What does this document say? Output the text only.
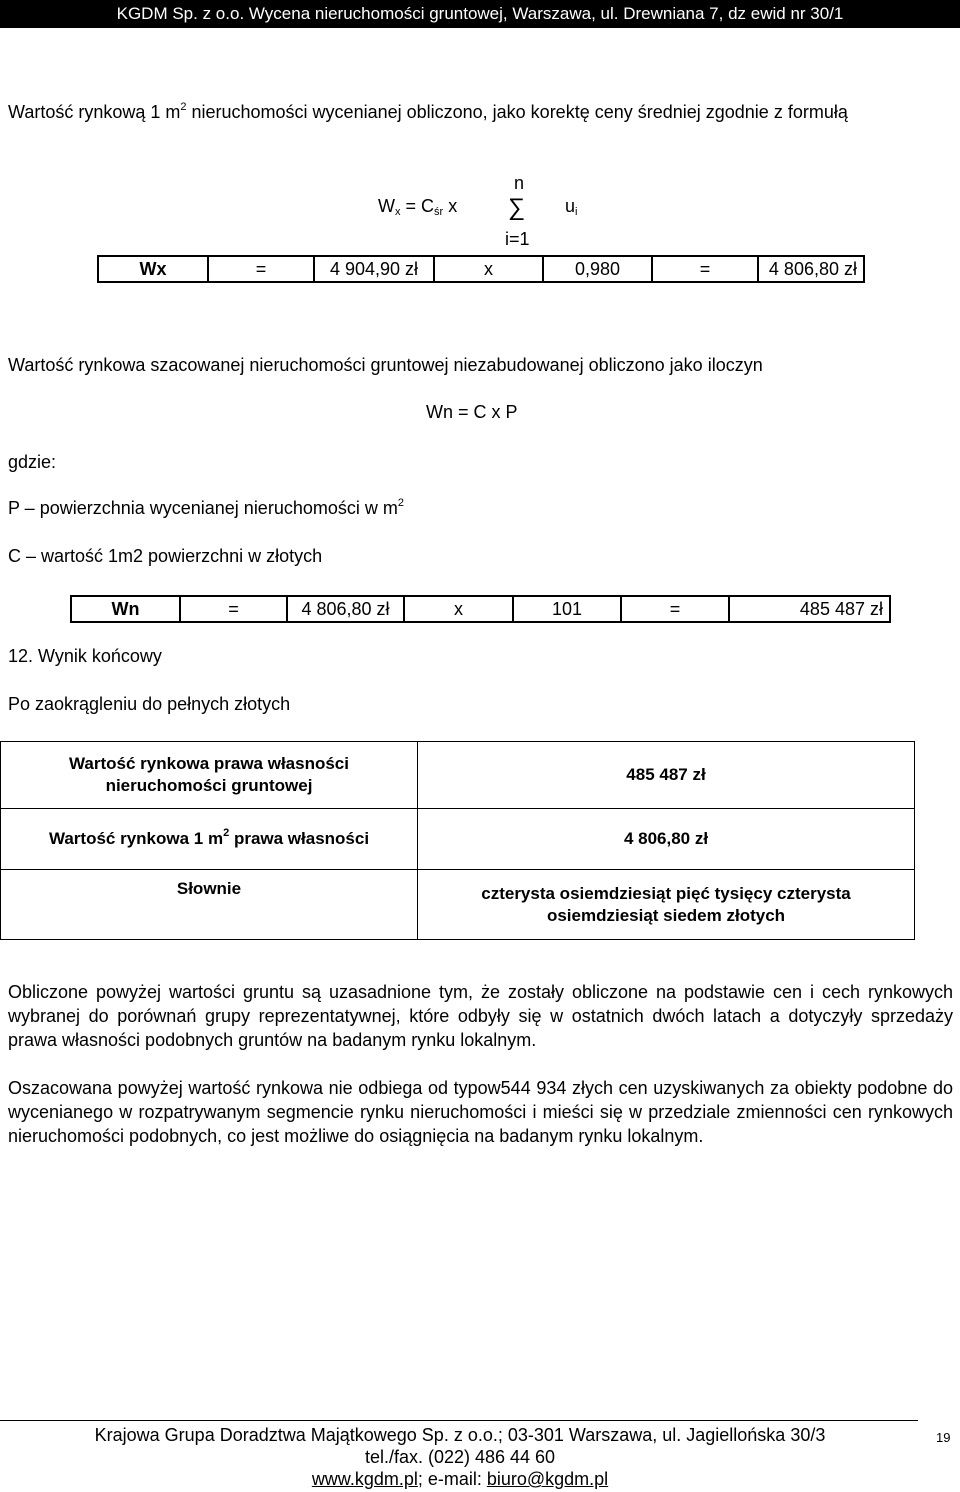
KGDM Sp. z o.o. Wycena nieruchomości gruntowej, Warszawa, ul. Drewniana 7, dz ewid nr 30/1
Wartość rynkową 1 $m^2$ nieruchomości wycenianej obliczono, jako korektę ceny średniej zgodnie z formułą
n
$W_x = C_{śr}$ x ∑ $u_i$
i=1
Wx	=	4 904,90 zł	x	0,980	=	4 806,80 zł
Wartość rynkowa szacowanej nieruchomości gruntowej niezabudowanej obliczono jako iloczyn
Wn = C x P
gdzie:
P – powierzchnia wycenianej nieruchomości w $m^2$
C – wartość 1m2 powierzchni w złotych
Wn	=	4 806,80 zł	x	101	=	485 487 zł
12. Wynik końcowy
Po zaokrągleniu do pełnych złotych
Wartość rynkowa prawa własności nieruchomości gruntowej	485 487 zł
Wartość rynkowa 1 $m^2$ prawa własności	4 806,80 zł
Słownie	czterysta osiemdziesiąt pięć tysięcy czterysta osiemdziesiąt siedem złotych
Obliczone powyżej wartości gruntu są uzasadnione tym, że zostały obliczone na podstawie cen i cech rynkowych wybranej do porównań grupy reprezentatywnej, które odbyły się w ostatnich dwóch latach a dotyczyły sprzedaży prawa własności podobnych gruntów na badanym rynku lokalnym.
Oszacowana powyżej wartość rynkowa nie odbiega od typow544 934 złych cen uzyskiwanych za obiekty podobne do wycenianego w rozpatrywanym segmencie rynku nieruchomości i mieści się w przedziale zmienności cen rynkowych nieruchomości podobnych, co jest możliwe do osiągnięcia na badanym rynku lokalnym.
Krajowa Grupa Doradztwa Majątkowego Sp. z o.o.; 03-301 Warszawa, ul. Jagiellońska 30/3
tel./fax. (022) 486 44 60
www.kgdm.pl; e-mail: biuro@kgdm.pl
19
